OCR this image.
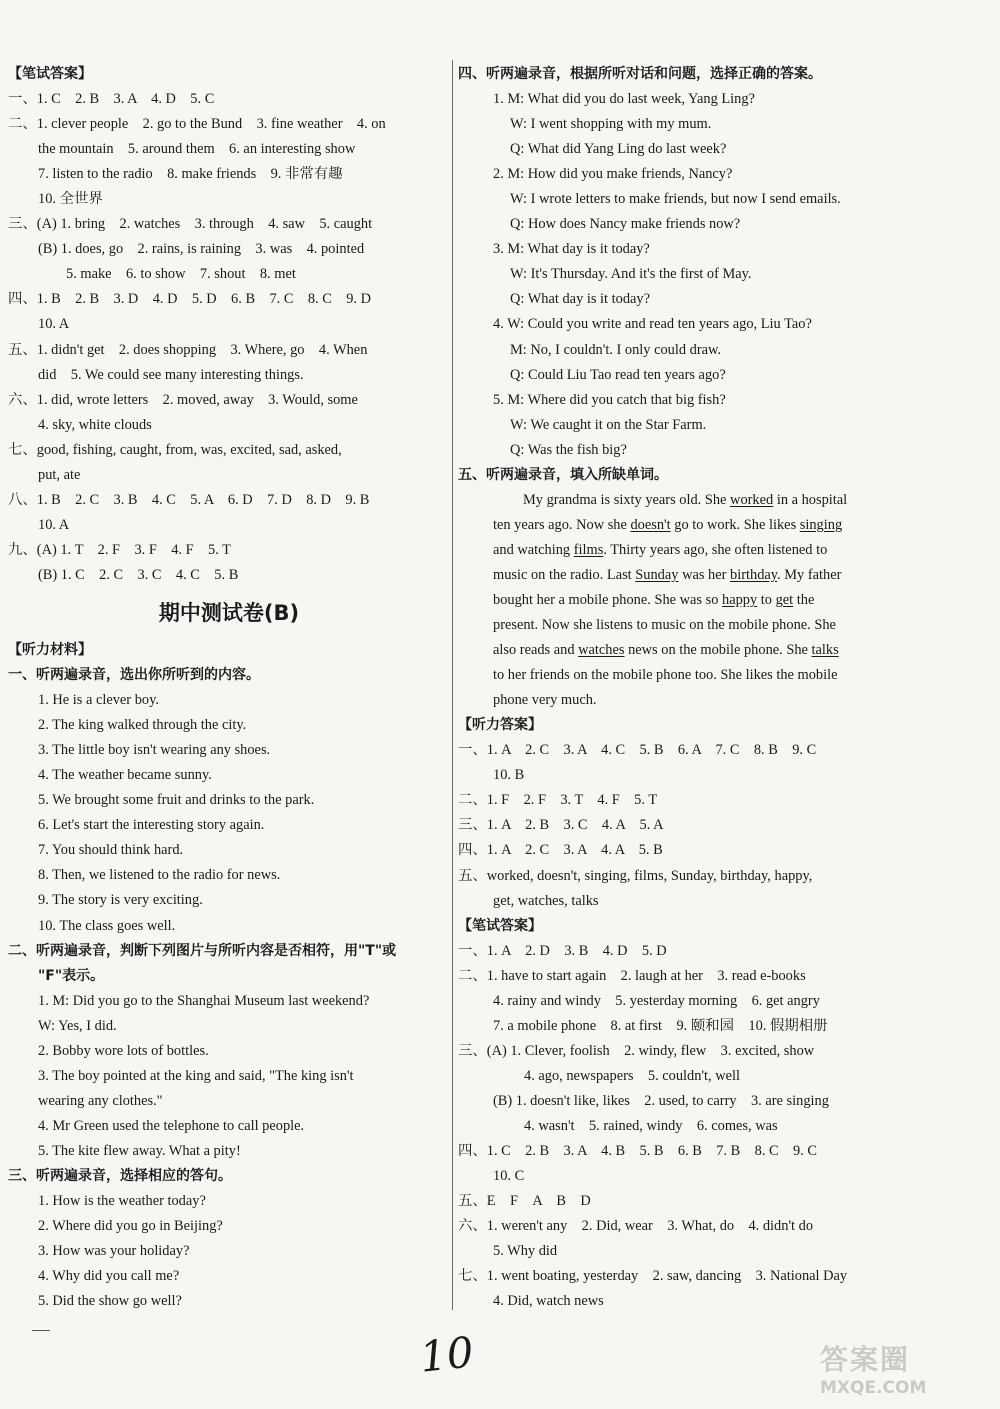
【笔试答案】
一、1. C　2. B　3. A　4. D　5. C
二、1. clever people　2. go to the Bund　3. fine weather　4. on
the mountain　5. around them　6. an interesting show
7. listen to the radio　8. make friends　9. 非常有趣
10. 全世界
三、(A) 1. bring　2. watches　3. through　4. saw　5. caught
(B) 1. does, go　2. rains, is raining　3. was　4. pointed
5. make　6. to show　7. shout　8. met
四、1. B　2. B　3. D　4. D　5. D　6. B　7. C　8. C　9. D
10. A
五、1. didn't get　2. does shopping　3. Where, go　4. When
did　5. We could see many interesting things.
六、1. did, wrote letters　2. moved, away　3. Would, some
4. sky, white clouds
七、good, fishing, caught, from, was, excited, sad, asked,
put, ate
八、1. B　2. C　3. B　4. C　5. A　6. D　7. D　8. D　9. B
10. A
九、(A) 1. T　2. F　3. F　4. F　5. T
(B) 1. C　2. C　3. C　4. C　5. B
期中测试卷(B)
【听力材料】
一、听两遍录音，选出你所听到的内容。
1. He is a clever boy.
2. The king walked through the city.
3. The little boy isn't wearing any shoes.
4. The weather became sunny.
5. We brought some fruit and drinks to the park.
6. Let's start the interesting story again.
7. You should think hard.
8. Then, we listened to the radio for news.
9. The story is very exciting.
10. The class goes well.
二、听两遍录音，判断下列图片与所听内容是否相符，用"T"或
"F"表示。
1. M: Did you go to the Shanghai Museum last weekend?
W: Yes, I did.
2. Bobby wore lots of bottles.
3. The boy pointed at the king and said, "The king isn't
wearing any clothes."
4. Mr Green used the telephone to call people.
5. The kite flew away. What a pity!
三、听两遍录音，选择相应的答句。
1. How is the weather today?
2. Where did you go in Beijing?
3. How was your holiday?
4. Why did you call me?
5. Did the show go well?
四、听两遍录音，根据所听对话和问题，选择正确的答案。
1. M: What did you do last week, Yang Ling?
W: I went shopping with my mum.
Q: What did Yang Ling do last week?
2. M: How did you make friends, Nancy?
W: I wrote letters to make friends, but now I send emails.
Q: How does Nancy make friends now?
3. M: What day is it today?
W: It's Thursday. And it's the first of May.
Q: What day is it today?
4. W: Could you write and read ten years ago, Liu Tao?
M: No, I couldn't. I only could draw.
Q: Could Liu Tao read ten years ago?
5. M: Where did you catch that big fish?
W: We caught it on the Star Farm.
Q: Was the fish big?
五、听两遍录音，填入所缺单词。
My grandma is sixty years old. She worked in a hospital
ten years ago. Now she doesn't go to work. She likes singing
and watching films. Thirty years ago, she often listened to
music on the radio. Last Sunday was her birthday. My father
bought her a mobile phone. She was so happy to get the
present. Now she listens to music on the mobile phone. She
also reads and watches news on the mobile phone. She talks
to her friends on the mobile phone too. She likes the mobile
phone very much.
【听力答案】
一、1. A　2. C　3. A　4. C　5. B　6. A　7. C　8. B　9. C
10. B
二、1. F　2. F　3. T　4. F　5. T
三、1. A　2. B　3. C　4. A　5. A
四、1. A　2. C　3. A　4. A　5. B
五、worked, doesn't, singing, films, Sunday, birthday, happy,
get, watches, talks
【笔试答案】
一、1. A　2. D　3. B　4. D　5. D
二、1. have to start again　2. laugh at her　3. read e-books
4. rainy and windy　5. yesterday morning　6. get angry
7. a mobile phone　8. at first　9. 颐和园　10. 假期相册
三、(A) 1. Clever, foolish　2. windy, flew　3. excited, show
4. ago, newspapers　5. couldn't, well
(B) 1. doesn't like, likes　2. used, to carry　3. are singing
4. wasn't　5. rained, windy　6. comes, was
四、1. C　2. B　3. A　4. B　5. B　6. B　7. B　8. C　9. C
10. C
五、E　F　A　B　D
六、1. weren't any　2. Did, wear　3. What, do　4. didn't do
5. Why did
七、1. went boating, yesterday　2. saw, dancing　3. National Day
4. Did, watch news
10	答案圈
MXQE.COM
